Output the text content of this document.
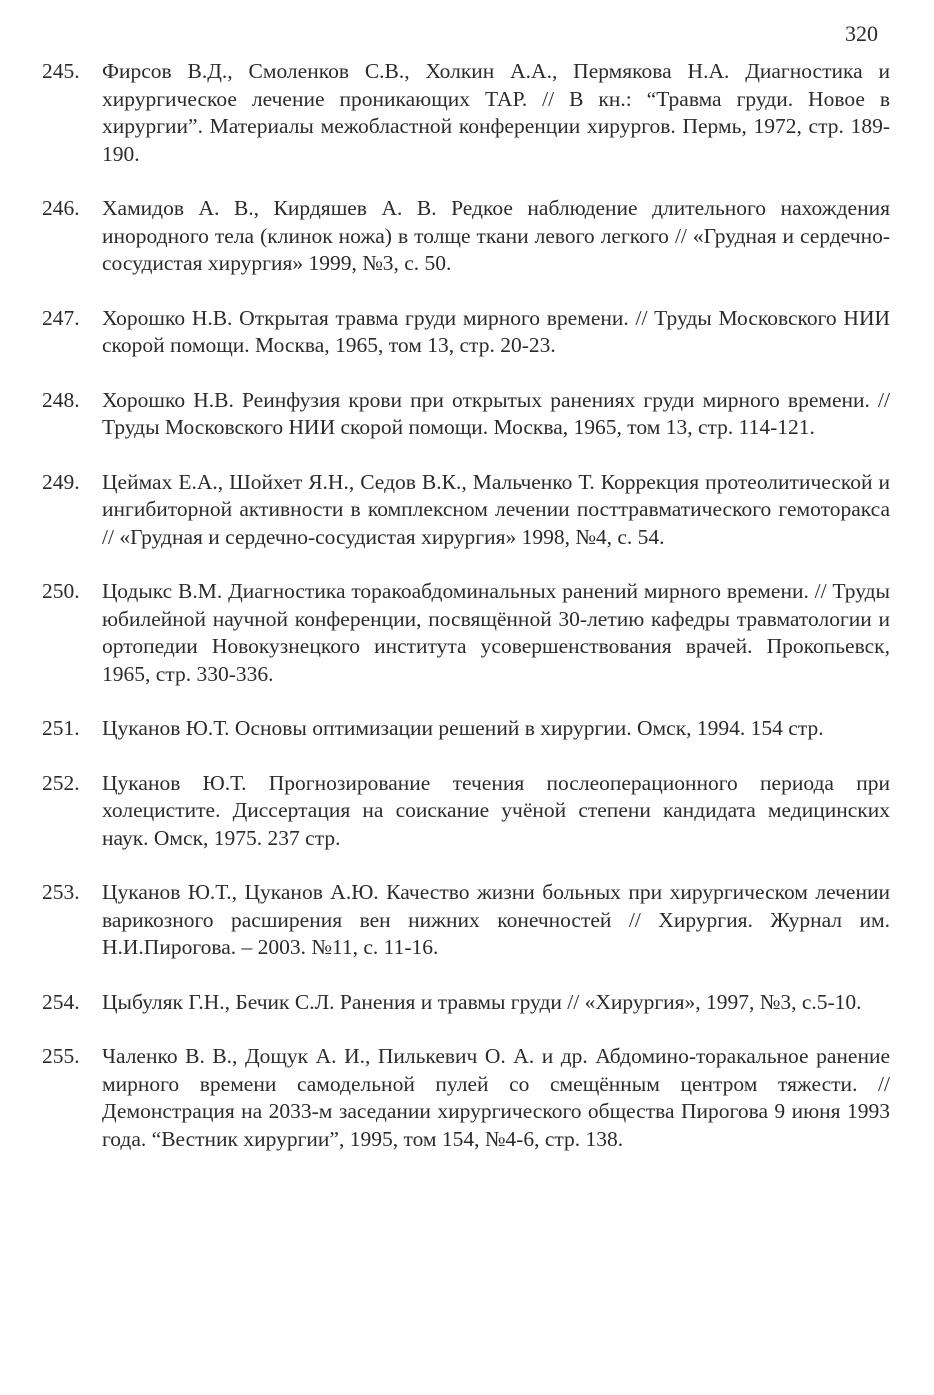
320
245.	Фирсов В.Д., Смоленков С.В., Холкин А.А., Пермякова Н.А. Диагностика и хирургическое лечение проникающих ТАР. // В кн.: “Травма груди. Новое в хирургии”. Материалы межобластной конференции хирургов. Пермь, 1972, стр. 189-190.
246.	Хамидов А. В., Кирдяшев А. В. Редкое наблюдение длительного нахождения инородного тела (клинок ножа) в толще ткани левого легкого // «Грудная и сердечно-сосудистая хирургия» 1999, №3, с. 50.
247.	Хорошко Н.В. Открытая травма груди мирного времени. // Труды Московского НИИ скорой помощи. Москва, 1965, том 13, стр. 20-23.
248.	Хорошко Н.В. Реинфузия крови при открытых ранениях груди мирного времени. // Труды Московского НИИ скорой помощи. Москва, 1965, том 13, стр. 114-121.
249.	Цеймах Е.А., Шойхет Я.Н., Седов В.К., Мальченко Т. Коррекция протеолитической и ингибиторной активности в комплексном лечении посттравматического гемоторакса // «Грудная и сердечно-сосудистая хирургия» 1998, №4, с. 54.
250.	Цодыкс В.М. Диагностика торакоабдоминальных ранений мирного времени. // Труды юбилейной научной конференции, посвящённой 30-летию кафедры травматологии и ортопедии Новокузнецкого института усовершенствования врачей. Прокопьевск, 1965, стр. 330-336.
251.	Цуканов Ю.Т. Основы оптимизации решений в хирургии. Омск, 1994. 154 стр.
252.	Цуканов Ю.Т. Прогнозирование течения послеоперационного периода при холецистите. Диссертация на соискание учёной степени кандидата медицинских наук. Омск, 1975. 237 стр.
253.	Цуканов Ю.Т., Цуканов А.Ю. Качество жизни больных при хирургическом лечении варикозного расширения вен нижних конечностей // Хирургия. Журнал им. Н.И.Пирогова. – 2003. №11, с. 11-16.
254.	Цыбуляк Г.Н., Бечик С.Л. Ранения и травмы груди // «Хирургия», 1997, №3, с.5-10.
255.	Чаленко В. В., Дощук А. И., Пилькевич О. А. и др. Абдомино-торакальное ранение мирного времени самодельной пулей со смещённым центром тяжести. // Демонстрация на 2033-м заседании хирургического общества Пирогова 9 июня 1993 года. “Вестник хирургии”, 1995, том 154, №4-6, стр. 138.
